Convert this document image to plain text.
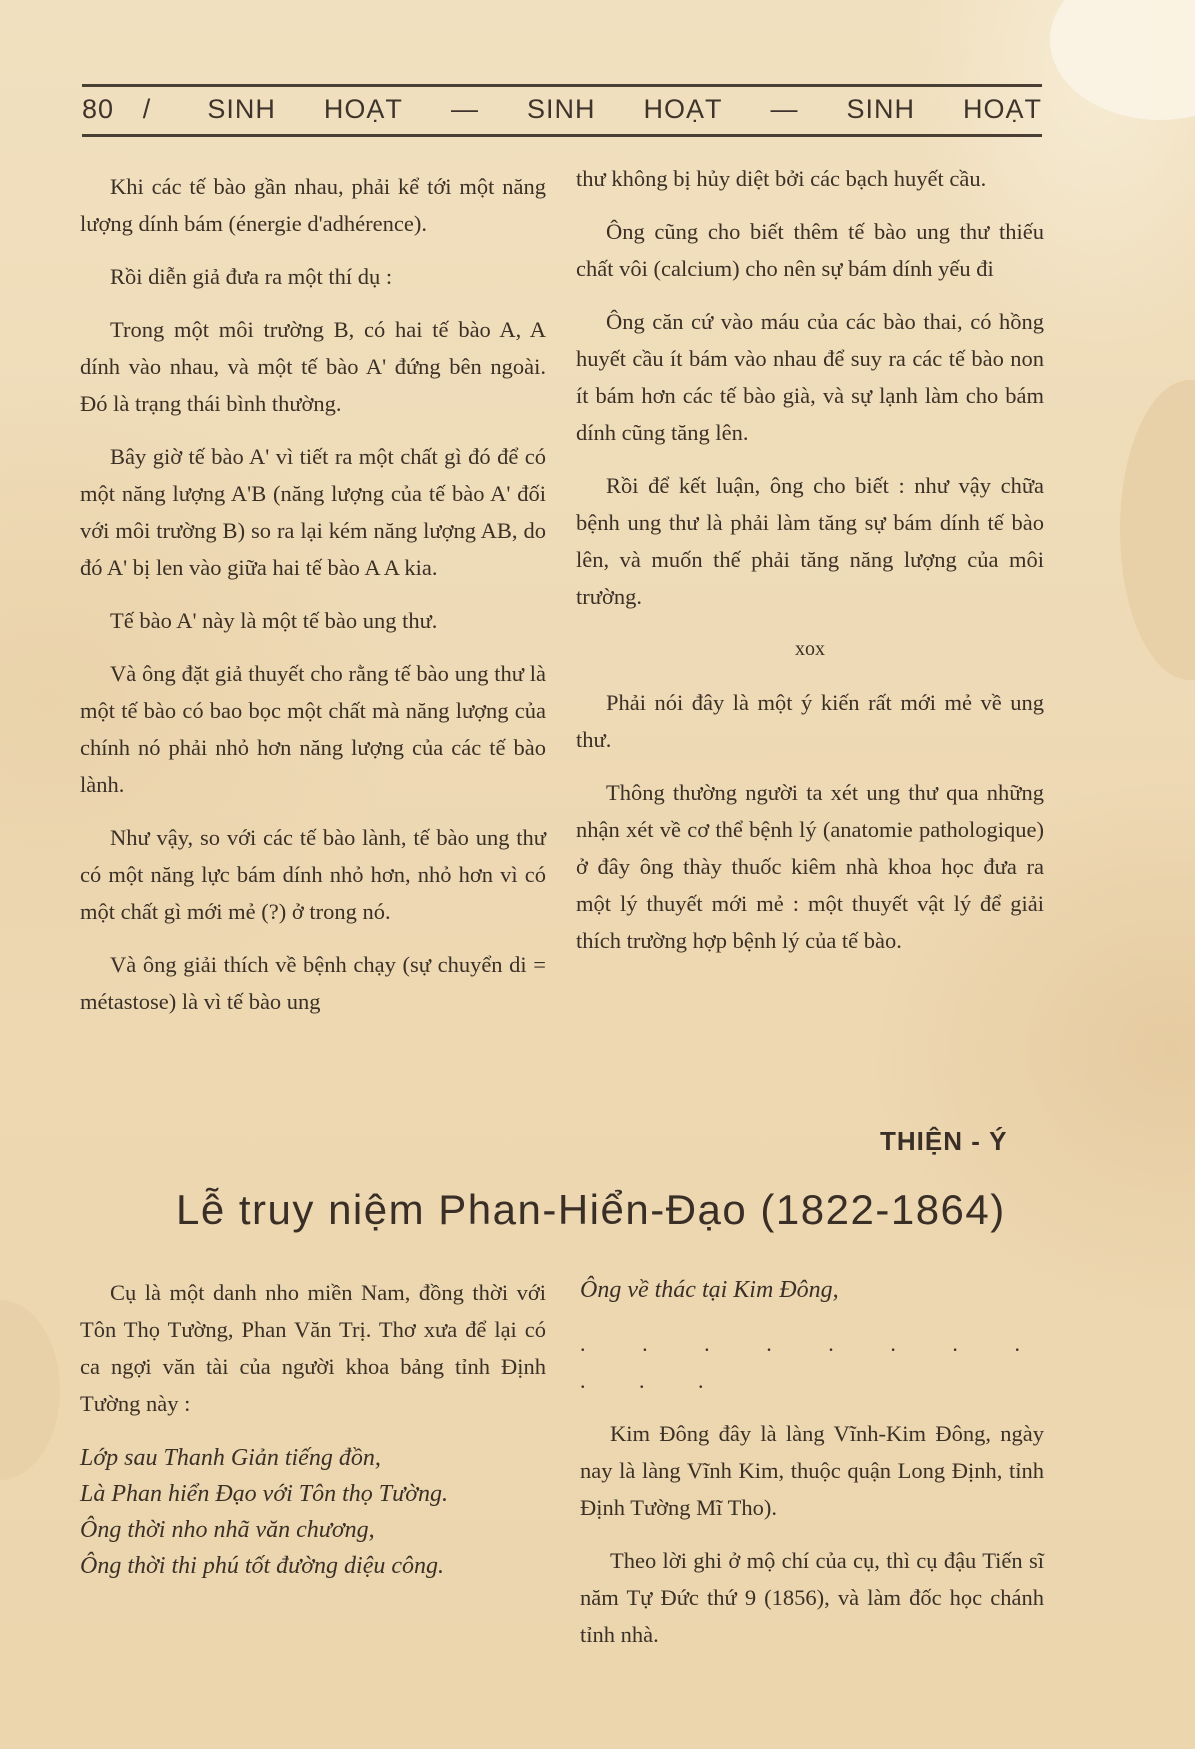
80	/	SINH HOẠT — SINH HOẠT — SINH HOẠT

Khi các tế bào gần nhau, phải kể tới một năng lượng dính bám (énergie d'adhérence).

Rồi diễn giả đưa ra một thí dụ :

Trong một môi trường B, có hai tế bào A, A dính vào nhau, và một tế bào A' đứng bên ngoài. Đó là trạng thái bình thường.

Bây giờ tế bào A' vì tiết ra một chất gì đó để có một năng lượng A'B (năng lượng của tế bào A' đối với môi trường B) so ra lại kém năng lượng AB, do đó A' bị len vào giữa hai tế bào A A kia.

Tế bào A' này là một tế bào ung thư.

Và ông đặt giả thuyết cho rằng tế bào ung thư là một tế bào có bao bọc một chất mà năng lượng của chính nó phải nhỏ hơn năng lượng của các tế bào lành.

Như vậy, so với các tế bào lành, tế bào ung thư có một năng lực bám dính nhỏ hơn, nhỏ hơn vì có một chất gì mới mẻ (?) ở trong nó.

Và ông giải thích về bệnh chạy (sự chuyển di = métastose) là vì tế bào ung

thư không bị hủy diệt bởi các bạch huyết cầu.

Ông cũng cho biết thêm tế bào ung thư thiếu chất vôi (calcium) cho nên sự bám dính yếu đi

Ông căn cứ vào máu của các bào thai, có hồng huyết cầu ít bám vào nhau để suy ra các tế bào non ít bám hơn các tế bào già, và sự lạnh làm cho bám dính cũng tăng lên.

Rồi để kết luận, ông cho biết : như vậy chữa bệnh ung thư là phải làm tăng sự bám dính tế bào lên, và muốn thế phải tăng năng lượng của môi trường.

xox

Phải nói đây là một ý kiến rất mới mẻ về ung thư.

Thông thường người ta xét ung thư qua những nhận xét về cơ thể bệnh lý (anatomie pathologique) ở đây ông thày thuốc kiêm nhà khoa học đưa ra một lý thuyết mới mẻ : một thuyết vật lý để giải thích trường hợp bệnh lý của tế bào.

THIỆN - Ý
Lễ truy niệm Phan-Hiển-Đạo (1822-1864)

Cụ là một danh nho miền Nam, đồng thời với Tôn Thọ Tường, Phan Văn Trị. Thơ xưa để lại có ca ngợi văn tài của người khoa bảng tỉnh Định Tường này :

Lớp sau Thanh Giản tiếng đồn,
Là Phan hiển Đạo với Tôn thọ Tường.
Ông thời nho nhã văn chương,
Ông thời thi phú tốt đường diệu công.

Ông về thác tại Kim Đông,

. . . . . . . . . . .

Kim Đông đây là làng Vĩnh-Kim Đông, ngày nay là làng Vĩnh Kim, thuộc quận Long Định, tỉnh Định Tường Mĩ Tho).

Theo lời ghi ở mộ chí của cụ, thì cụ đậu Tiến sĩ năm Tự Đức thứ 9 (1856), và làm đốc học chánh tỉnh nhà.
